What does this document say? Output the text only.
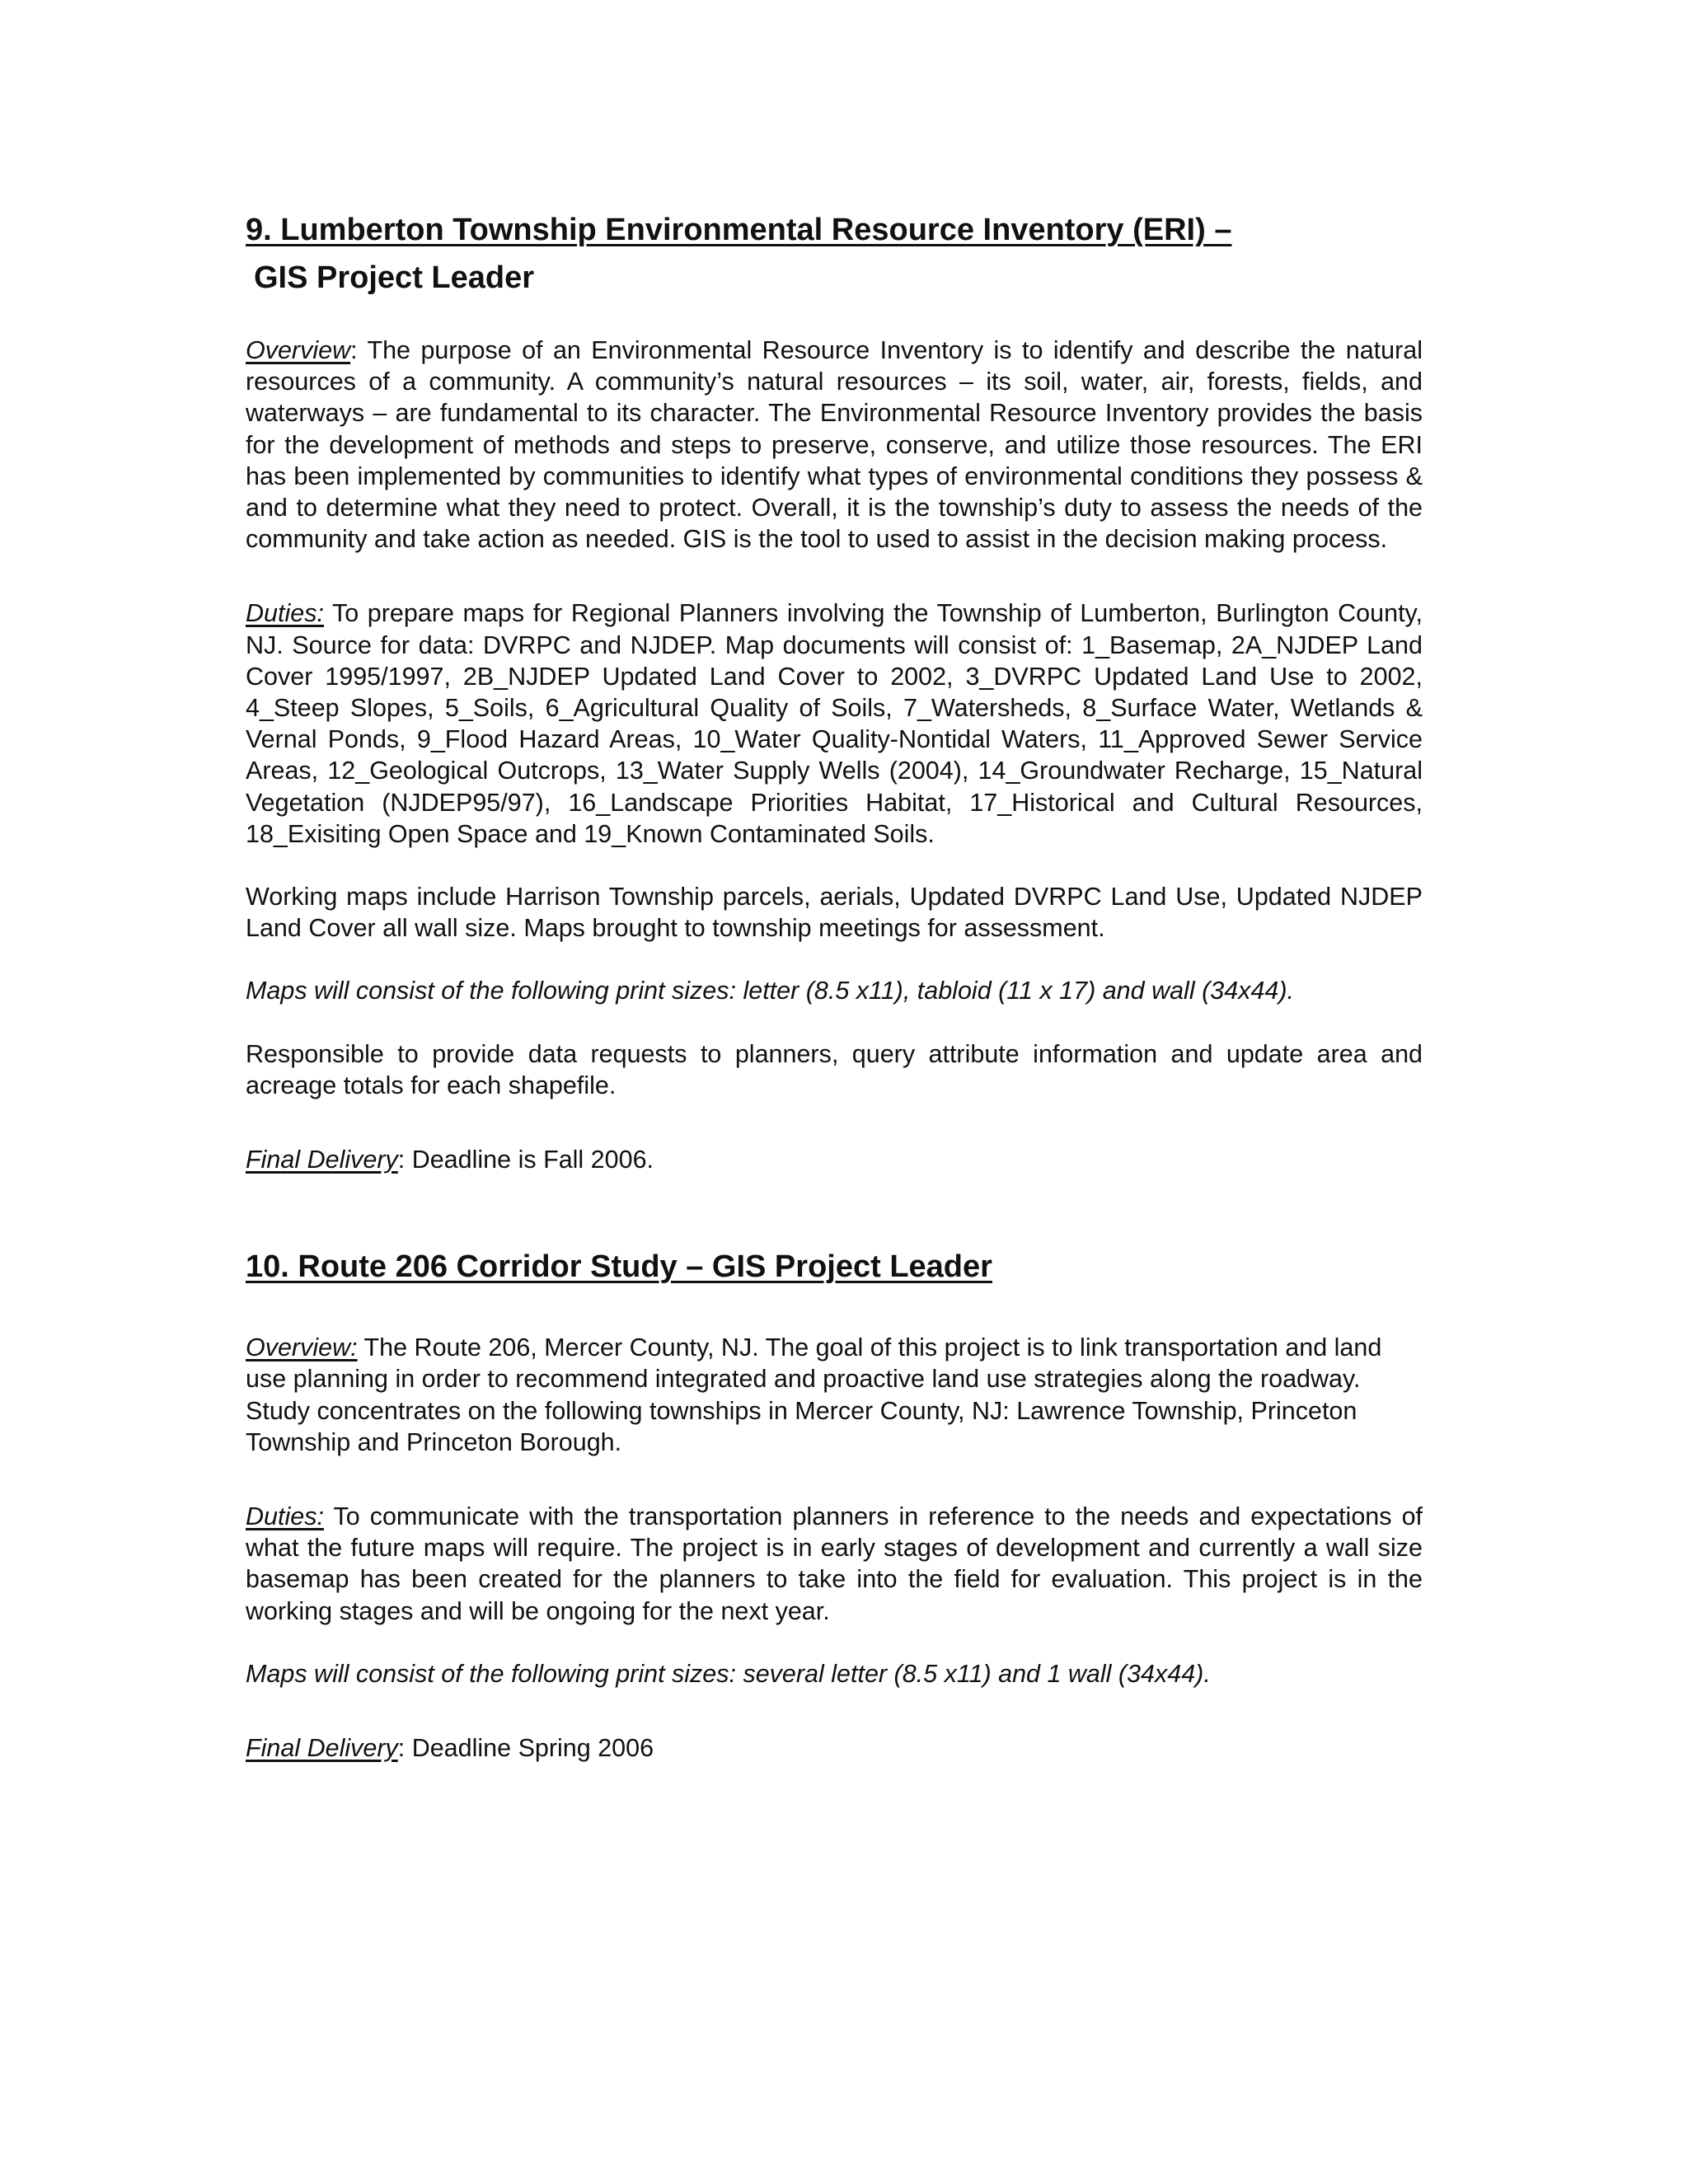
9. Lumberton Township Environmental Resource Inventory (ERI) –
GIS Project Leader

Overview: The purpose of an Environmental Resource Inventory is to identify and describe the natural resources of a community. A community’s natural resources – its soil, water, air, forests, fields, and waterways – are fundamental to its character. The Environmental Resource Inventory provides the basis for the development of methods and steps to preserve, conserve, and utilize those resources. The ERI has been implemented by communities to identify what types of environmental conditions they possess & and to determine what they need to protect. Overall, it is the township’s duty to assess the needs of the community and take action as needed. GIS is the tool to used to assist in the decision making process.

Duties: To prepare maps for Regional Planners involving the Township of Lumberton, Burlington County, NJ. Source for data: DVRPC and NJDEP. Map documents will consist of: 1_Basemap, 2A_NJDEP Land Cover 1995/1997, 2B_NJDEP Updated Land Cover to 2002, 3_DVRPC Updated Land Use to 2002, 4_Steep Slopes, 5_Soils, 6_Agricultural Quality of Soils, 7_Watersheds, 8_Surface Water, Wetlands & Vernal Ponds, 9_Flood Hazard Areas, 10_Water Quality-Nontidal Waters, 11_Approved Sewer Service Areas, 12_Geological Outcrops, 13_Water Supply Wells (2004), 14_Groundwater Recharge, 15_Natural Vegetation (NJDEP95/97), 16_Landscape Priorities Habitat, 17_Historical and Cultural Resources, 18_Exisiting Open Space and 19_Known Contaminated Soils.

Working maps include Harrison Township parcels, aerials, Updated DVRPC Land Use, Updated NJDEP Land Cover all wall size. Maps brought to township meetings for assessment.

Maps will consist of the following print sizes: letter (8.5 x11), tabloid (11 x 17) and wall (34x44).

Responsible to provide data requests to planners, query attribute information and update area and acreage totals for each shapefile.

Final Delivery: Deadline is Fall 2006.

10. Route 206 Corridor Study – GIS Project Leader

Overview: The Route 206, Mercer County, NJ. The goal of this project is to link transportation and land use planning in order to recommend integrated and proactive land use strategies along the roadway. Study concentrates on the following townships in Mercer County, NJ: Lawrence Township, Princeton Township and Princeton Borough.

Duties: To communicate with the transportation planners in reference to the needs and expectations of what the future maps will require. The project is in early stages of development and currently a wall size basemap has been created for the planners to take into the field for evaluation. This project is in the working stages and will be ongoing for the next year.

Maps will consist of the following print sizes: several letter (8.5 x11) and 1 wall (34x44).

Final Delivery: Deadline Spring 2006
